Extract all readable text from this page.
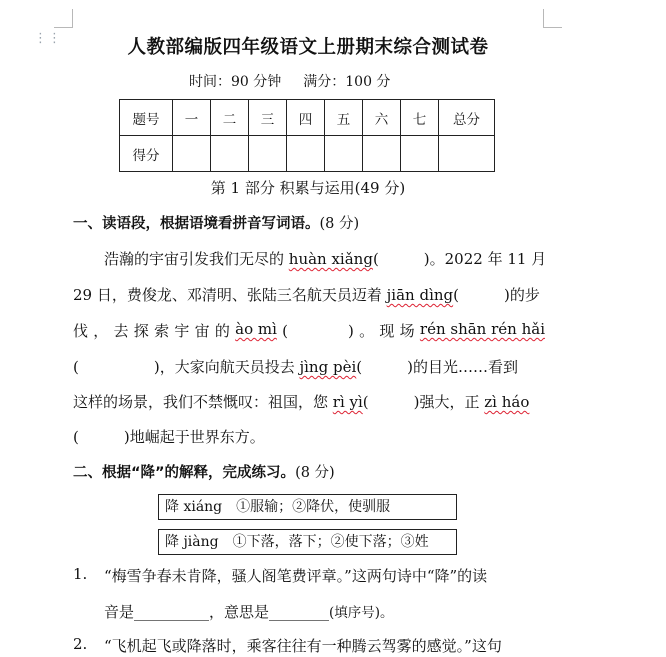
⋮⋮	人教部编版四年级语文上册期末综合测试卷
时间：90 分钟 满分：100 分
题号	一	二	三	四	五	六	七	总分
得分								
第 1 部分 积累与运用(49 分)
一、读语段，根据语境看拼音写词语。(8 分)
浩瀚的宇宙引发我们无尽的 huàn xiǎng(　　　)。2022 年 11 月
29 日，费俊龙、邓清明、张陆三名航天员迈着 jiān dìng(　　　)的步
伐 ， 去 探 索 宇 宙 的 ào mì (　　　　) 。 现 场 rén shān rén hǎi
(　　　　　)，大家向航天员投去 jìng pèi(　　　)的目光……看到
这样的场景，我们不禁慨叹：祖国，您 rì yì(　　　)强大，正 zì háo
(　　　)地崛起于世界东方。
二、根据“降”的解释，完成练习。(8 分)
降 xiáng　①服输；②降伏，使驯服
降 jiàng　①下落，落下；②使下落；③姓
1. “梅雪争春未肯降，骚人阁笔费评章。”这两句诗中“降”的读
音是__________，意思是________(填序号)。
2. “飞机起飞或降落时，乘客往往有一种腾云驾雾的感觉。”这句
